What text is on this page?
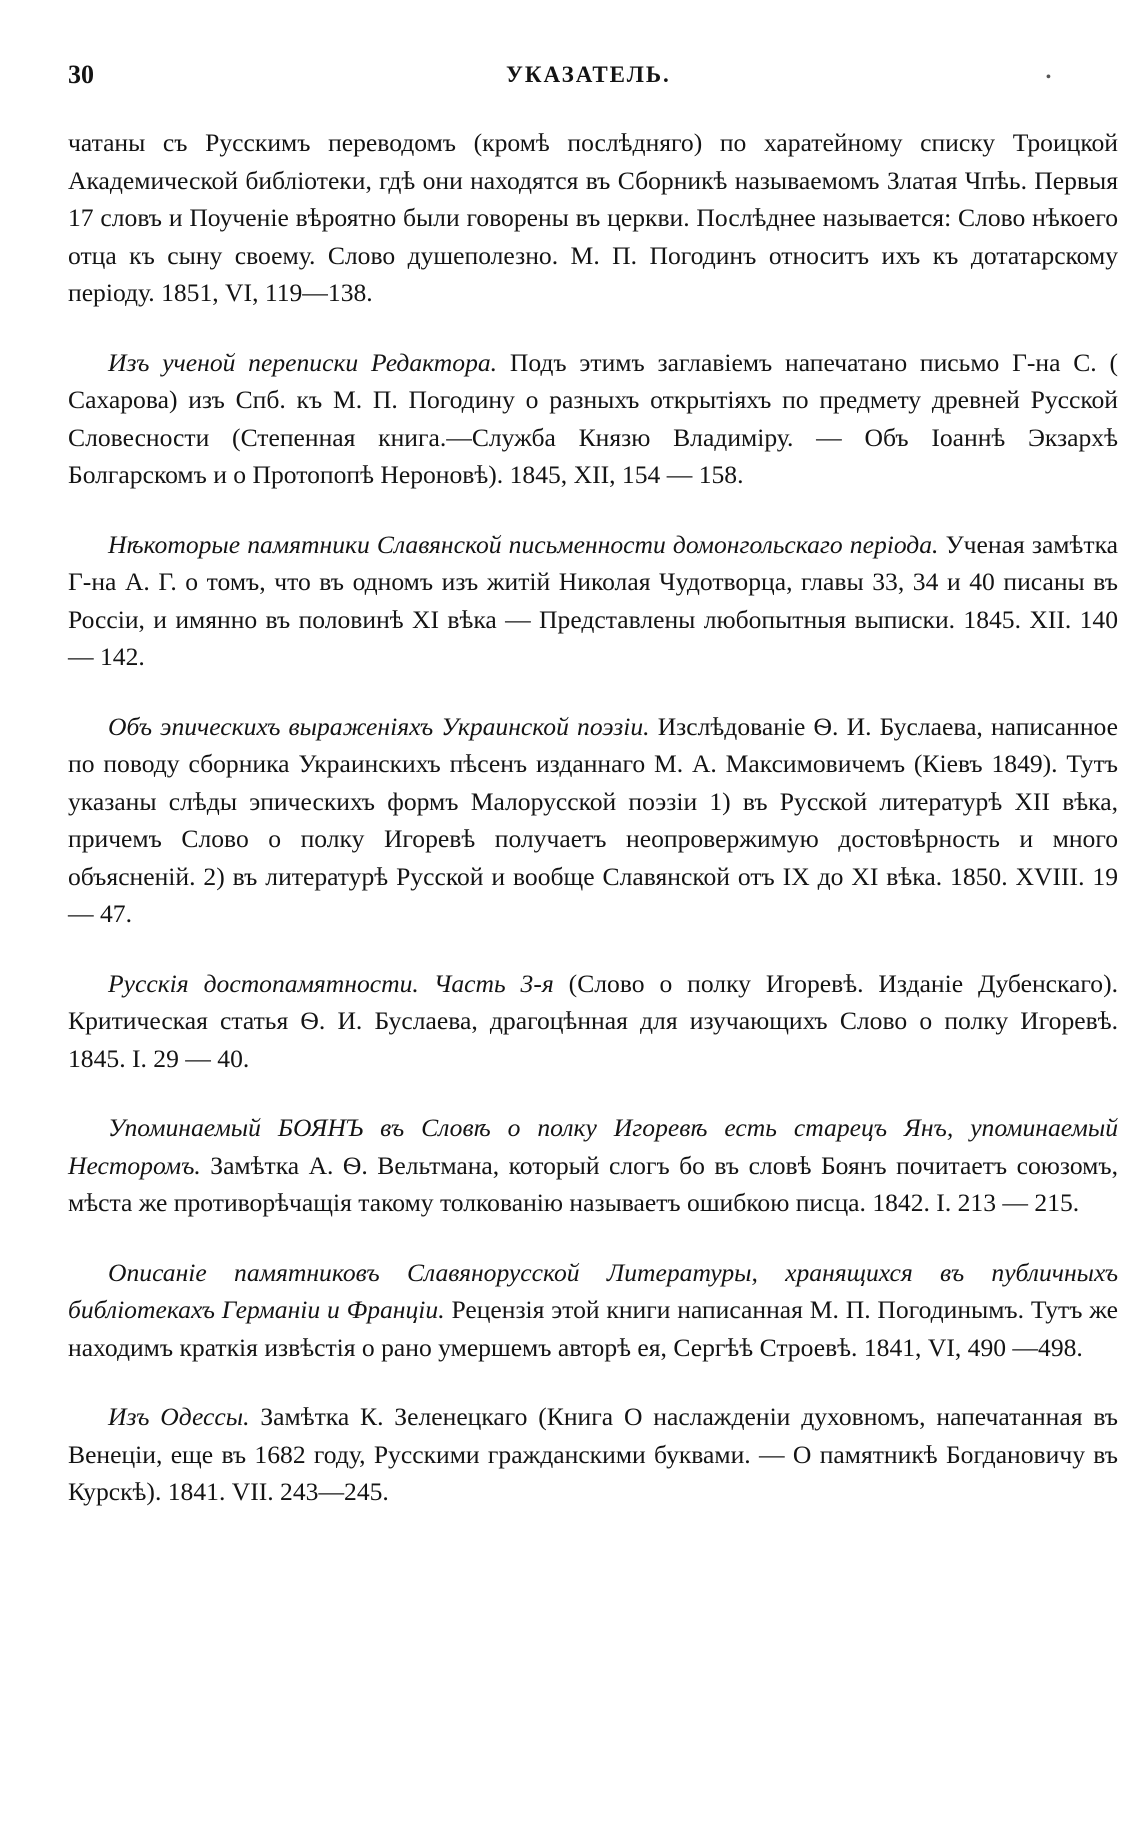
30	УКАЗАТЕЛЬ.	•

чатаны съ Русскимъ переводомъ (кромѣ послѣдняго) по харатейному списку Троицкой Академической библіотеки, гдѣ они находятся въ Сборникѣ называемомъ Златая Чпѣь. Первыя 17 словъ и Поученіе вѣроятно были говорены въ церкви. Послѣднее называется: Слово нѣкоего отца къ сыну своему. Слово душеполезно. М. П. Погодинъ относитъ ихъ къ дотатарскому періоду. 1851, VI, 119—138.

Изъ ученой переписки Редактора. Подъ этимъ заглавіемъ напечатано письмо Г-на С. ( Сахарова) изъ Спб. къ М. П. Погодину о разныхъ открытіяхъ по предмету древней Русской Словесности (Степенная книга.—Служба Князю Владиміру. — Объ Іоаннѣ Экзархѣ Болгарскомъ и о Протопопѣ Нероновѣ). 1845, XII, 154 — 158.

Нѣкоторые памятники Славянской письменности домонгольскаго періода. Ученая замѣтка Г-на А. Г. о томъ, что въ одномъ изъ житій Николая Чудотворца, главы 33, 34 и 40 писаны въ Россіи, и имянно въ половинѣ XI вѣка — Представлены любопытныя выписки. 1845. XII. 140 — 142.

Объ эпическихъ выраженіяхъ Украинской поэзіи. Изслѣдованіе Ѳ. И. Буслаева, написанное по поводу сборника Украинскихъ пѣсенъ изданнаго М. А. Максимовичемъ (Кіевъ 1849). Тутъ указаны слѣды эпическихъ формъ Малорусской поэзіи 1) въ Русской литературѣ XII вѣка, причемъ Слово о полку Игоревѣ получаетъ неопровержимую достовѣрность и много объясненій. 2) въ литературѣ Русской и вообще Славянской отъ IX до XI вѣка. 1850. XVIII. 19 — 47.

Русскія достопамятности. Часть 3-я (Слово о полку Игоревѣ. Изданіе Дубенскаго). Критическая статья Ѳ. И. Буслаева, драгоцѣнная для изучающихъ Слово о полку Игоревѣ. 1845. I. 29 — 40.

Упоминаемый БОЯНЪ въ Словѣ о полку Игоревѣ есть старецъ Янъ, упоминаемый Несторомъ. Замѣтка А. Ѳ. Вельтмана, который слогъ бо въ словѣ Боянъ почитаетъ союзомъ, мѣста же противорѣчащія такому толкованію называетъ ошибкою писца. 1842. I. 213 — 215.

Описаніе памятниковъ Славянорусской Литературы, хранящихся въ публичныхъ библіотекахъ Германіи и Франціи. Рецензія этой книги написанная М. П. Погодинымъ. Тутъ же находимъ краткія извѣстія о рано умершемъ авторѣ ея, Сергѣѣ Строевѣ. 1841, VI, 490 —498.

Изъ Одессы. Замѣтка К. Зеленецкаго (Книга О наслажденіи духовномъ, напечатанная въ Венеціи, еще въ 1682 году, Русскими гражданскими буквами. — О памятникѣ Богдановичу въ Курскѣ). 1841. VII. 243—245.
